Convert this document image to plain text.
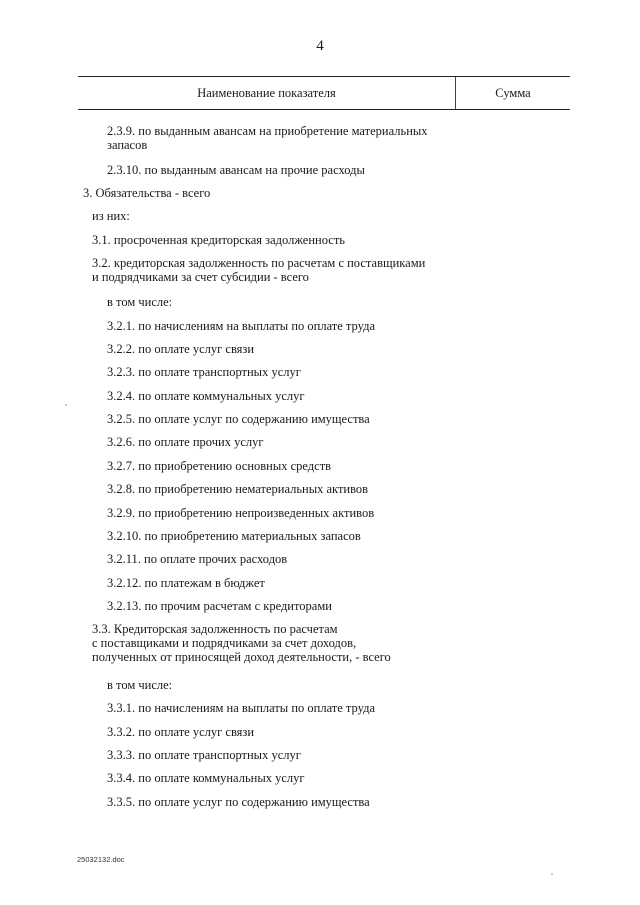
4
Наименование показателя	Сумма
2.3.9. по выданным авансам на приобретение материальных
запасов
2.3.10. по выданным авансам на прочие расходы
3. Обязательства - всего
из них:
3.1. просроченная кредиторская задолженность
3.2. кредиторская задолженность по расчетам с поставщиками
и подрядчиками за счет субсидии - всего
в том числе:
3.2.1. по начислениям на выплаты по оплате труда
3.2.2. по оплате услуг связи
3.2.3. по оплате транспортных услуг
3.2.4. по оплате коммунальных услуг
3.2.5. по оплате услуг по содержанию имущества
3.2.6. по оплате прочих услуг
3.2.7. по приобретению основных средств
3.2.8. по приобретению нематериальных активов
3.2.9. по приобретению непроизведенных активов
3.2.10. по приобретению материальных запасов
3.2.11. по оплате прочих расходов
3.2.12. по платежам в бюджет
3.2.13. по прочим расчетам с кредиторами
3.3. Кредиторская задолженность по расчетам
с поставщиками и подрядчиками за счет доходов,
полученных от приносящей доход деятельности, - всего
в том числе:
3.3.1. по начислениям на выплаты по оплате труда
3.3.2. по оплате услуг связи
3.3.3. по оплате транспортных услуг
3.3.4. по оплате коммунальных услуг
3.3.5. по оплате услуг по содержанию имущества
25032132.doc
